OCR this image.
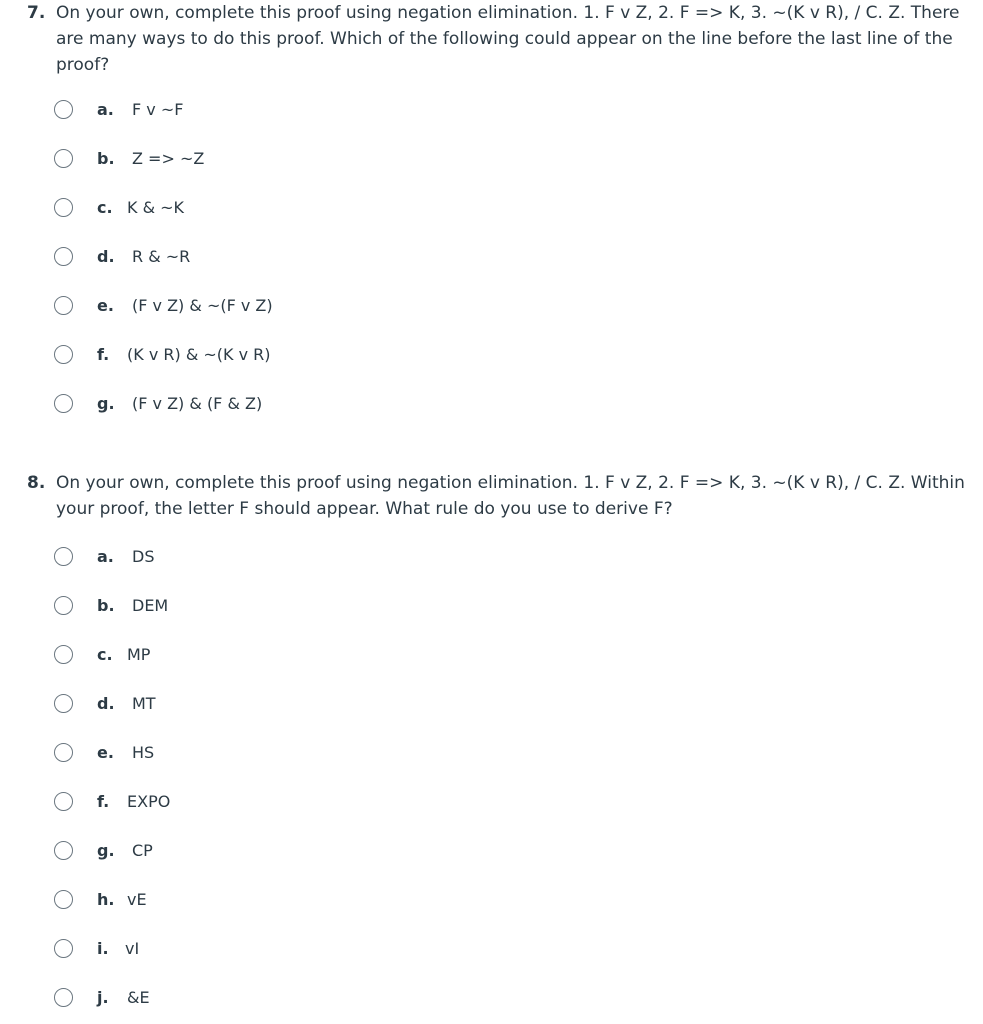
7. On your own, complete this proof using negation elimination. 1. F v Z, 2. F => K, 3. ~(K v R), / C. Z. There are many ways to do this proof. Which of the following could appear on the line before the last line of the proof?
a. F v ~F
b. Z => ~Z
c. K & ~K
d. R & ~R
e. (F v Z) & ~(F v Z)
f. (K v R) & ~(K v R)
g. (F v Z) & (F & Z)
8. On your own, complete this proof using negation elimination. 1. F v Z, 2. F => K, 3. ~(K v R), / C. Z. Within your proof, the letter F should appear. What rule do you use to derive F?
a. DS
b. DEM
c. MP
d. MT
e. HS
f. EXPO
g. CP
h. vE
i. vI
j. &E
